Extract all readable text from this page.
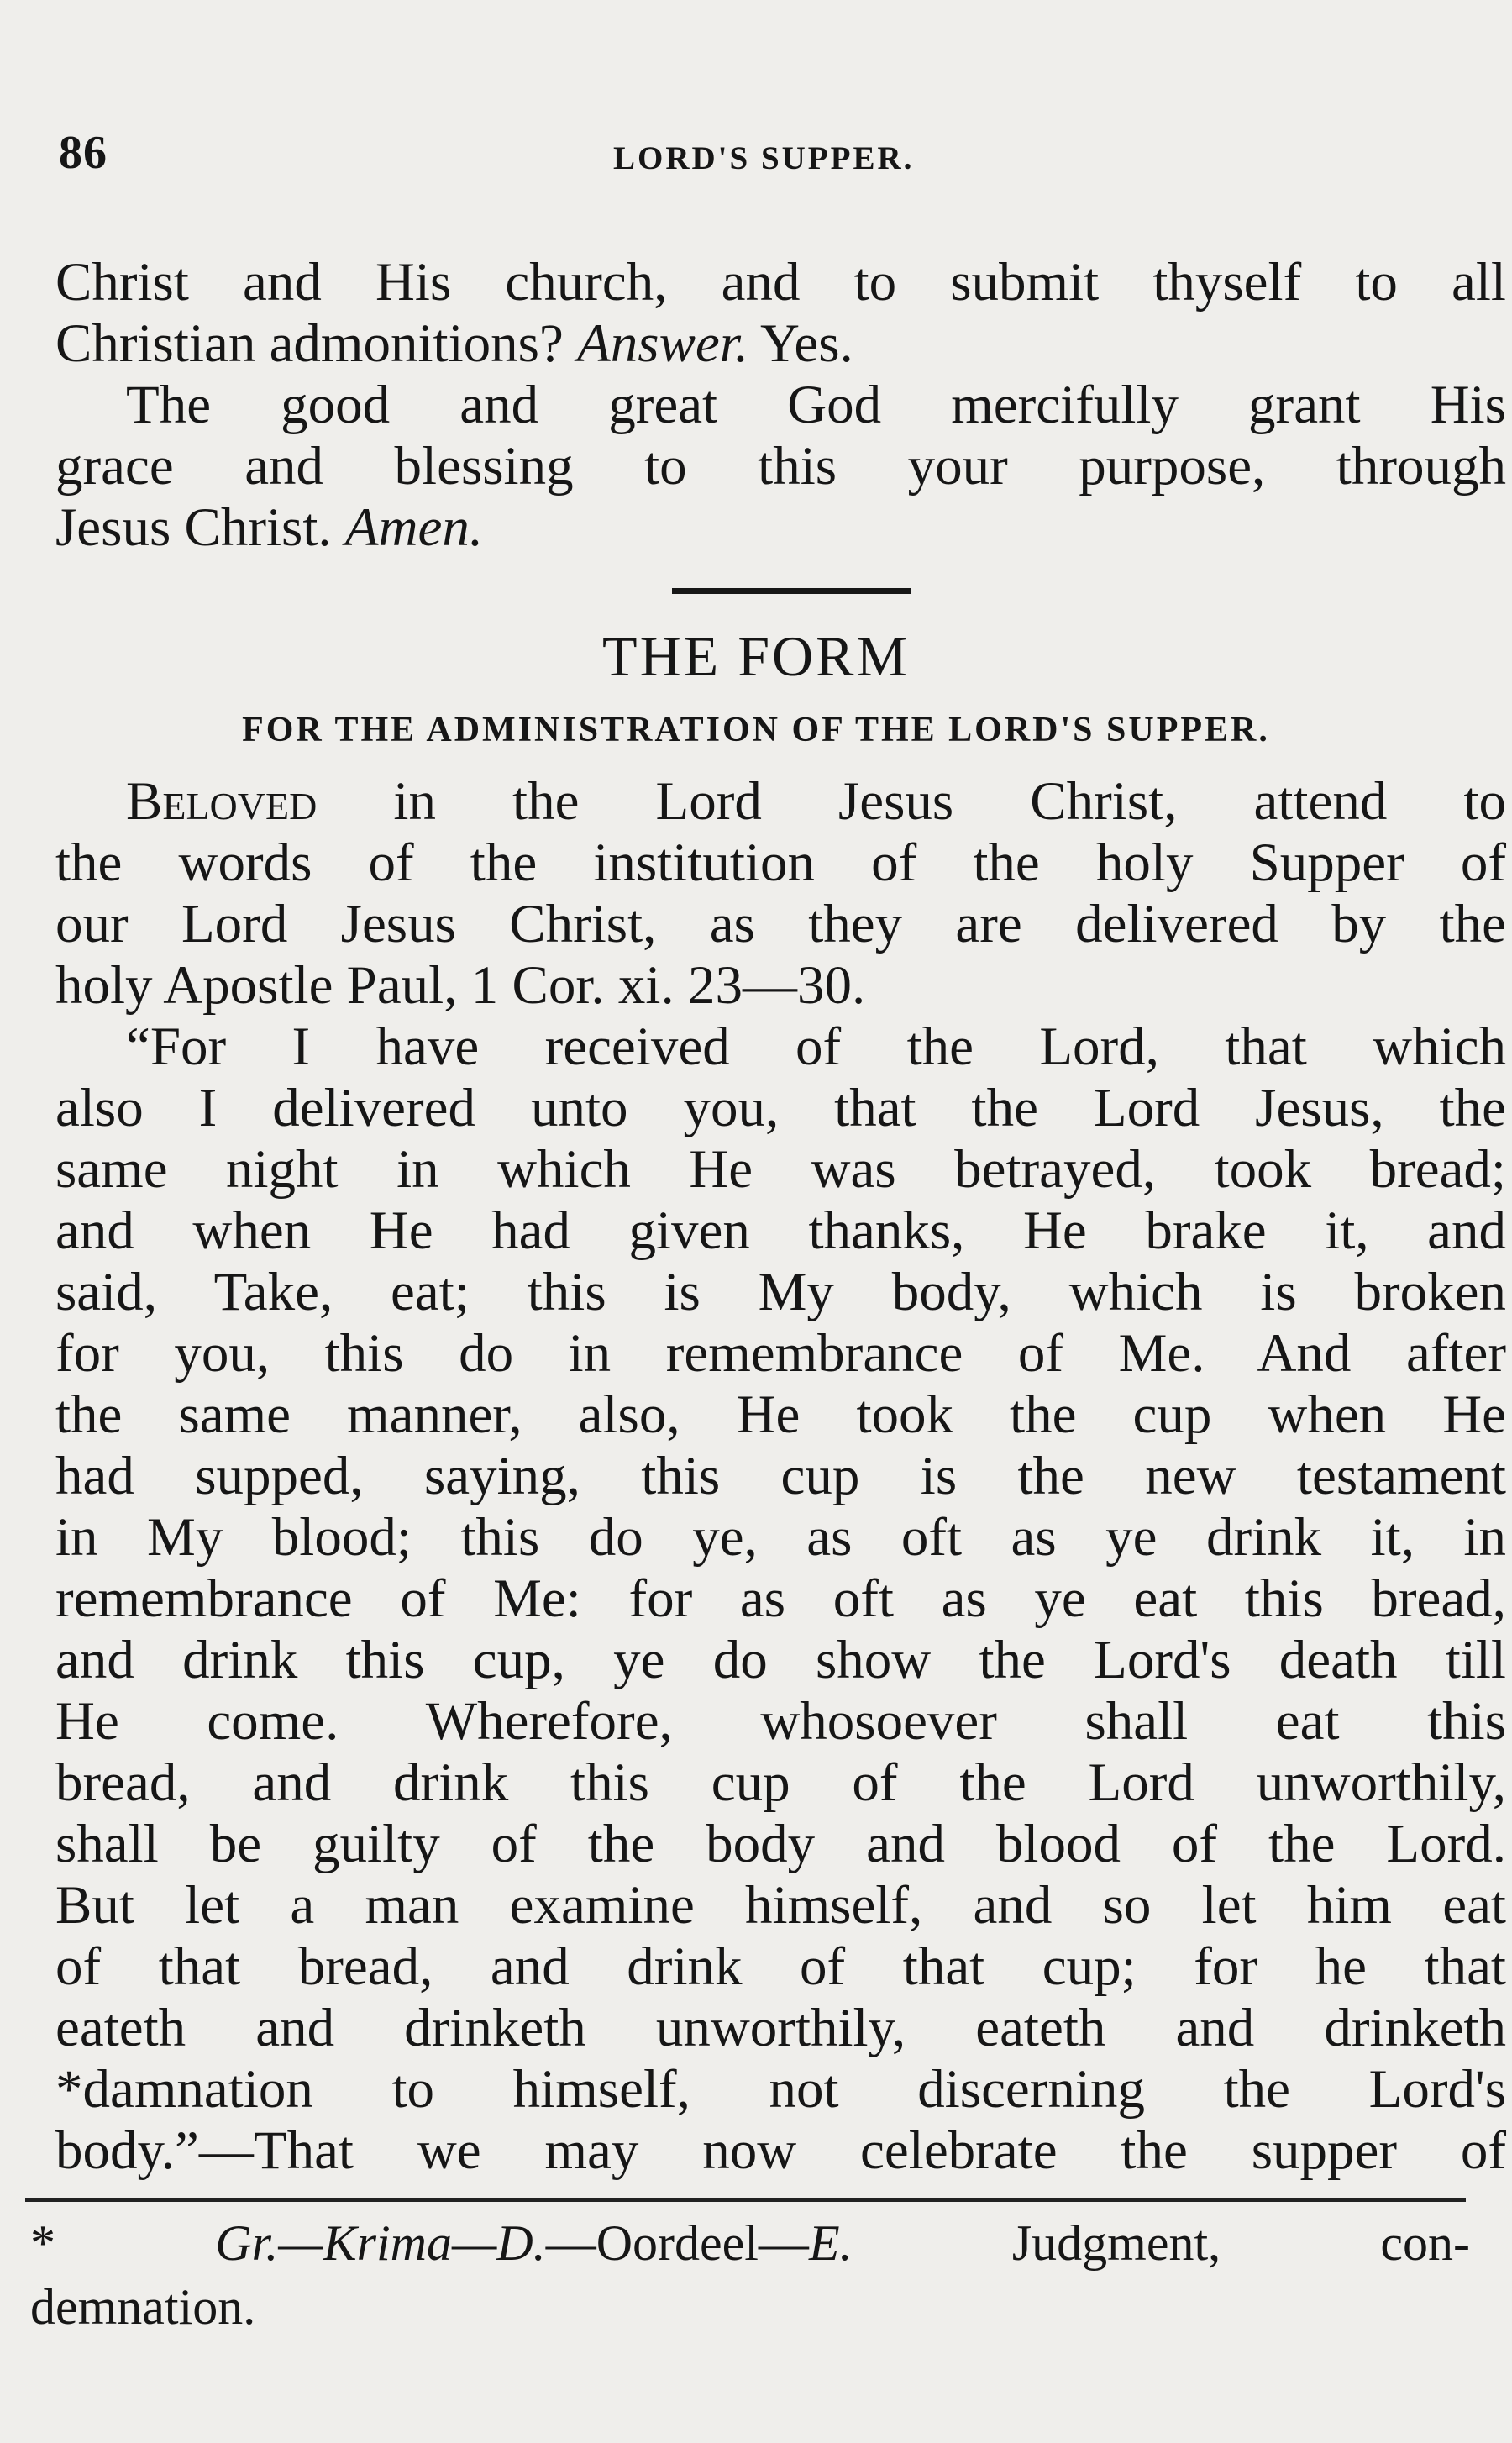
86	LORD'S SUPPER.
Christ and His church, and to submit thyself to all
Christian admonitions? Answer. Yes.
The good and great God mercifully grant His
grace and blessing to this your purpose, through
Jesus Christ. Amen.
THE FORM
FOR THE ADMINISTRATION OF THE LORD'S SUPPER.
Beloved in the Lord Jesus Christ, attend to
the words of the institution of the holy Supper of
our Lord Jesus Christ, as they are delivered by the
holy Apostle Paul, 1 Cor. xi. 23—30.
“For I have received of the Lord, that which
also I delivered unto you, that the Lord Jesus, the
same night in which He was betrayed, took bread;
and when He had given thanks, He brake it, and
said, Take, eat; this is My body, which is broken
for you, this do in remembrance of Me. And after
the same manner, also, He took the cup when He
had supped, saying, this cup is the new testament
in My blood; this do ye, as oft as ye drink it, in
remembrance of Me: for as oft as ye eat this bread,
and drink this cup, ye do show the Lord's death till
He come. Wherefore, whosoever shall eat this
bread, and drink this cup of the Lord unworthily,
shall be guilty of the body and blood of the Lord.
But let a man examine himself, and so let him eat
of that bread, and drink of that cup; for he that
eateth and drinketh unworthily, eateth and drinketh
*damnation to himself, not discerning the Lord's
body.”—That we may now celebrate the supper of
* Gr.—Krima—D.—Oordeel—E. Judgment, con-
demnation.
